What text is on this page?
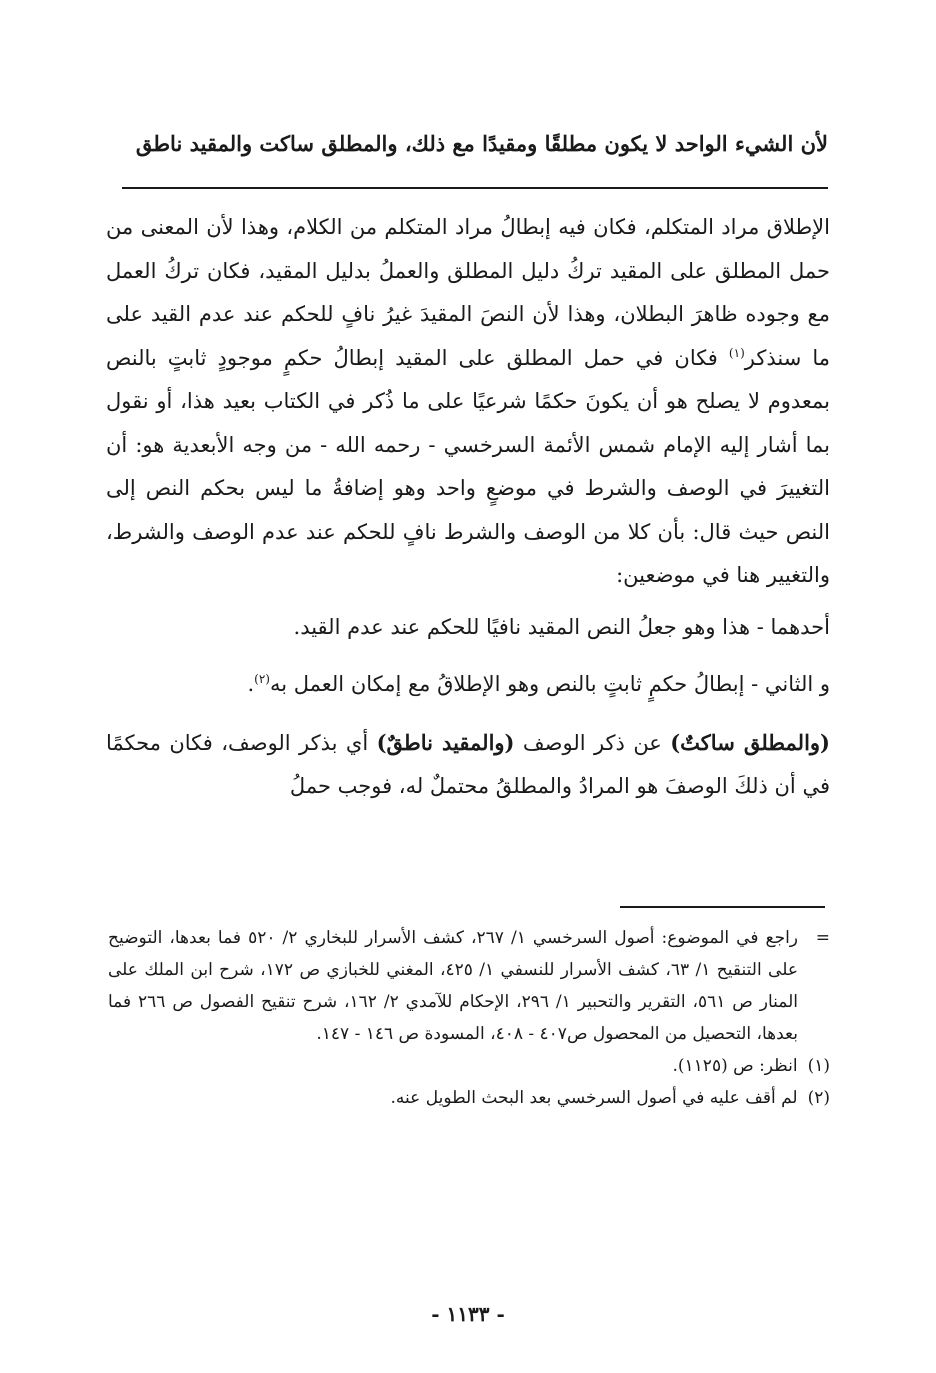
لأن الشيء الواحد لا يكون مطلقًا ومقيدًا مع ذلك، والمطلق ساكت والمقيد ناطق

الإطلاق مراد المتكلم، فكان فيه إبطالُ مراد المتكلم من الكلام، وهذا لأن المعنى من حمل المطلق على المقيد تركُ دليل المطلق والعملُ بدليل المقيد، فكان تركُ العمل مع وجوده ظاهرَ البطلان، وهذا لأن النصَ المقيدَ غيرُ نافٍ للحكم عند عدم القيد على ما سنذكر$^{(١)}$ فكان في حمل المطلق على المقيد إبطالُ حكمٍ موجودٍ ثابتٍ بالنص بمعدوم لا يصلح هو أن يكونَ حكمًا شرعيًا على ما ذُكر في الكتاب بعيد هذا، أو نقول بما أشار إليه الإمام شمس الأئمة السرخسي - رحمه الله - من وجه الأبعدية هو: أن التغييرَ في الوصف والشرط في موضعٍ واحد وهو إضافةُ ما ليس بحكم النص إلى النص حيث قال: بأن كلا من الوصف والشرط نافٍ للحكم عند عدم الوصف والشرط، والتغيير هنا في موضعين:

أحدهما - هذا وهو جعلُ النص المقيد نافيًا للحكم عند عدم القيد.

و الثاني - إبطالُ حكمٍ ثابتٍ بالنص وهو الإطلاقُ مع إمكان العمل به$^{(٢)}$.

(والمطلق ساكتٌ) عن ذكر الوصف (والمقيد ناطقٌ) أي بذكر الوصف، فكان محكمًا في أن ذلكَ الوصفَ هو المرادُ والمطلقُ محتملٌ له، فوجب حملُ

=
راجع في الموضوع: أصول السرخسي ١/ ٢٦٧، كشف الأسرار للبخاري ٢/ ٥٢٠ فما بعدها، التوضيح على التنقيح ١/ ٦٣، كشف الأسرار للنسفي ١/ ٤٢٥، المغني للخبازي ص ١٧٢، شرح ابن الملك على المنار ص ٥٦١، التقرير والتحبير ١/ ٢٩٦، الإحكام للآمدي ٢/ ١٦٢، شرح تنقيح الفصول ص ٢٦٦ فما بعدها، التحصيل من المحصول ص٤٠٧ - ٤٠٨، المسودة ص ١٤٦ - ١٤٧.

(١)انظر: ص (١١٢٥).

(٢)لم أقف عليه في أصول السرخسي بعد البحث الطويل عنه.

- ١١٣٣ -
